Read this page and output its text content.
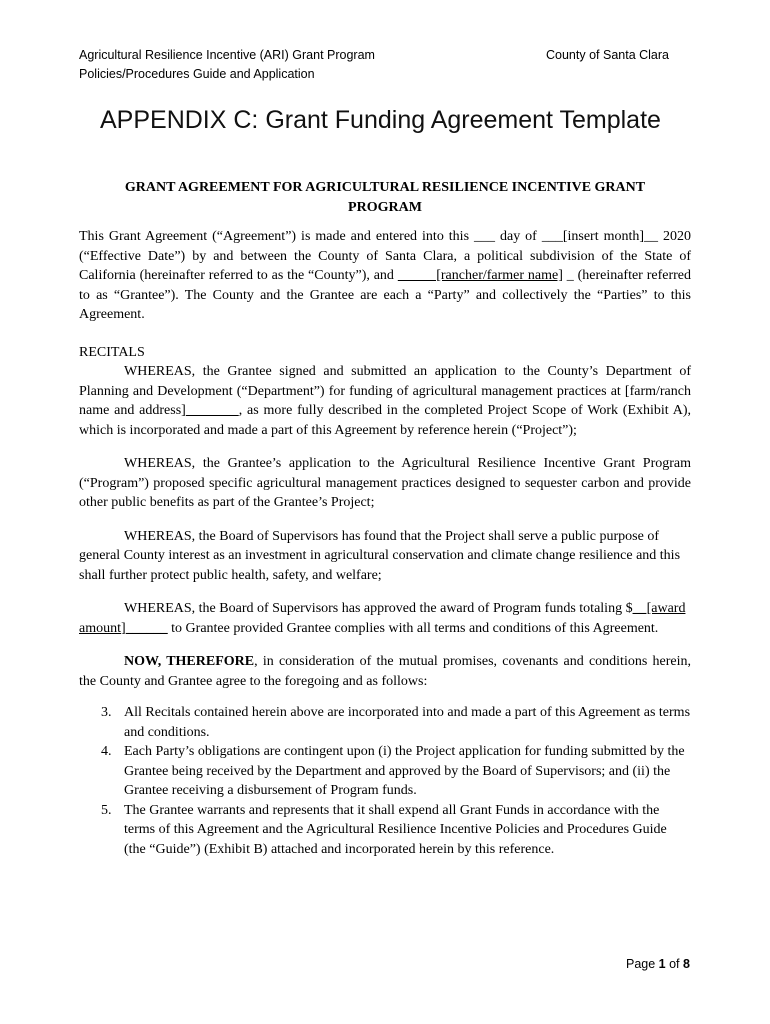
Agricultural Resilience Incentive (ARI) Grant Program
Policies/Procedures Guide and Application
County of Santa Clara
APPENDIX C: Grant Funding Agreement Template
GRANT AGREEMENT FOR AGRICULTURAL RESILIENCE INCENTIVE GRANT
PROGRAM

This Grant Agreement (“Agreement”) is made and entered into this ___ day of ___[insert month]__ 2020 (“Effective Date”) by and between the County of Santa Clara, a political subdivision of the State of California (hereinafter referred to as the “County”), and           [rancher/farmer name] _ (hereinafter referred to as “Grantee”). The County and the Grantee are each a “Party” and collectively the “Parties” to this Agreement.

RECITALS

WHEREAS, the Grantee signed and submitted an application to the County’s Department of Planning and Development (“Department”) for funding of agricultural management practices at [farm/ranch name and address]	, as more fully described in the completed Project Scope of Work (Exhibit A), which is incorporated and made a part of this Agreement by reference herein (“Project”);

WHEREAS, the Grantee’s application to the Agricultural Resilience Incentive Grant Program (“Program”) proposed specific agricultural management practices designed to sequester carbon and provide other public benefits as part of the Grantee’s Project;

WHEREAS, the Board of Supervisors has found that the Project shall serve a public purpose of general County interest as an investment in agricultural conservation and climate change resilience and this shall further protect public health, safety, and welfare;

WHEREAS, the Board of Supervisors has approved the award of Program funds totaling $__[award amount]______ to Grantee provided Grantee complies with all terms and conditions of this Agreement.

NOW, THEREFORE, in consideration of the mutual promises, covenants and conditions herein, the County and Grantee agree to the foregoing and as follows:

3. All Recitals contained herein above are incorporated into and made a part of this Agreement as terms and conditions.
4. Each Party’s obligations are contingent upon (i) the Project application for funding submitted by the Grantee being received by the Department and approved by the Board of Supervisors; and (ii) the Grantee receiving a disbursement of Program funds.
5. The Grantee warrants and represents that it shall expend all Grant Funds in accordance with the terms of this Agreement and the Agricultural Resilience Incentive Policies and Procedures Guide (the “Guide”) (Exhibit B) attached and incorporated herein by this reference.
Page 1 of 8
